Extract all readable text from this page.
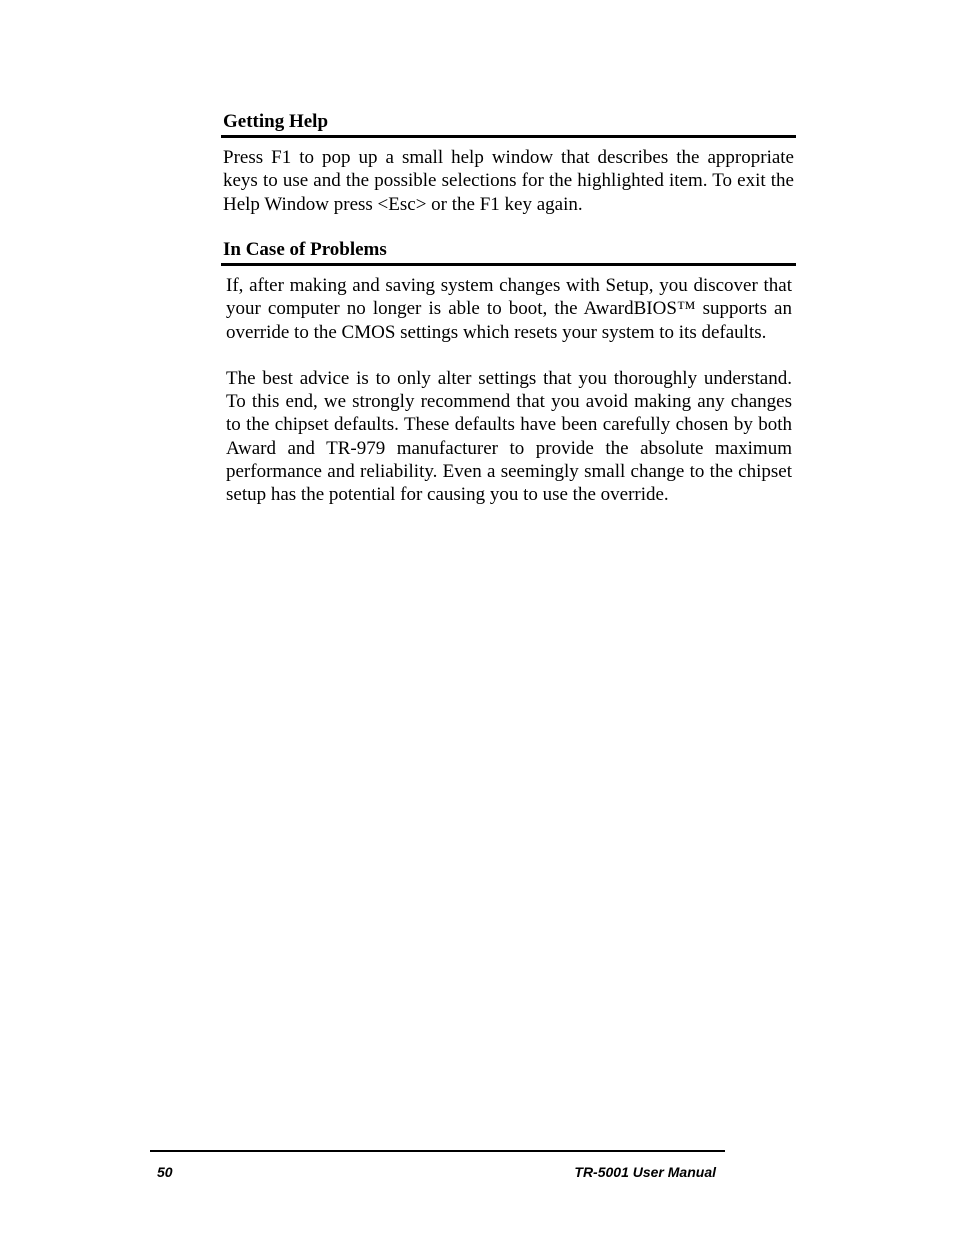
Getting Help

Press F1 to pop up a small help window that describes the appropriate keys to use and the possible selections for the highlighted item. To exit the Help Window press <Esc> or the F1 key again.

In Case of Problems

If, after making and saving system changes with Setup, you discover that your computer no longer is able to boot, the AwardBIOS™ supports an override to the CMOS settings which resets your system to its defaults.

The best advice is to only alter settings that you thoroughly understand. To this end, we strongly recommend that you avoid making any changes to the chipset defaults. These defaults have been carefully chosen by both Award and TR-979 manufacturer to provide the absolute maximum performance and reliability. Even a seemingly small change to the chipset setup has the potential for causing you to use the override.

50	TR-5001 User Manual
